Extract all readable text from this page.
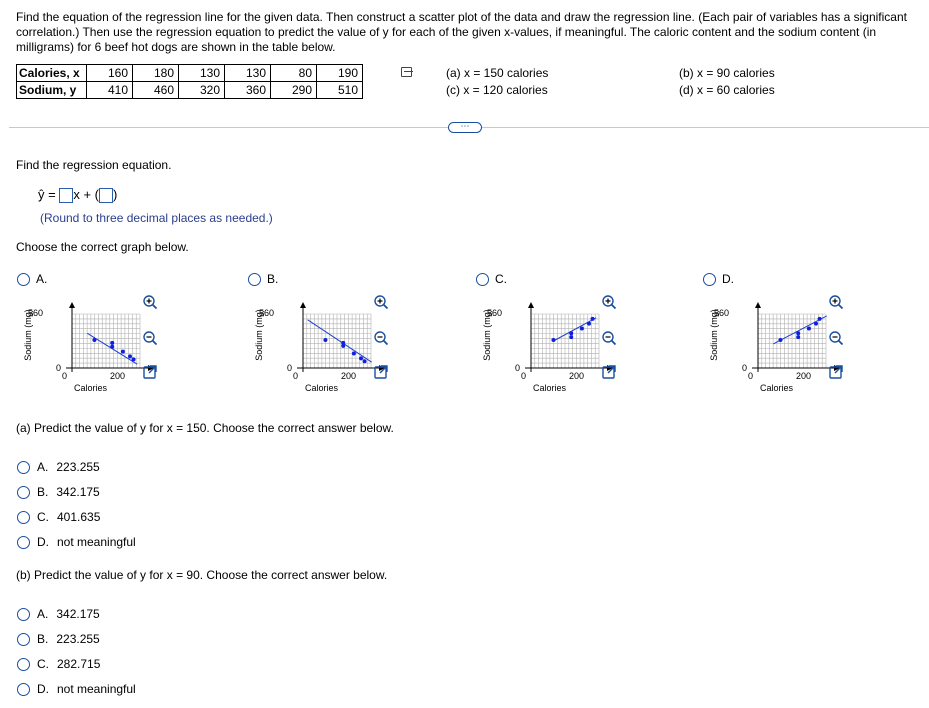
Find the equation of the regression line for the given data. Then construct a scatter plot of the data and draw the regression line. (Each pair of variables has a significant correlation.) Then use the regression equation to predict the value of y for each of the given x-values, if meaningful. The caloric content and the sodium content (in milligrams) for 6 beef hot dogs are shown in the table below.
Calories, x	160	180	130	130	80	190
Sodium, y	410	460	320	360	290	510
(a) x = 150 calories
(c) x = 120 calories
(b) x = 90 calories
(d) x = 60 calories
⋯
Find the regression equation.
ŷ = x + ( )
(Round to three decimal places as needed.)
Choose the correct graph below.
A.
Sodium (mg)
560
0
0	200
Calories
B.
Sodium (mg)
560
0
0	200
Calories
C.
Sodium (mg)
560
0
0	200
Calories
D.
Sodium (mg)
560
0
0	200
Calories
(a) Predict the value of y for x = 150. Choose the correct answer below.
A. 223.255
B. 342.175
C. 401.635
D. not meaningful
(b) Predict the value of y for x = 90. Choose the correct answer below.
A. 342.175
B. 223.255
C. 282.715
D. not meaningful
